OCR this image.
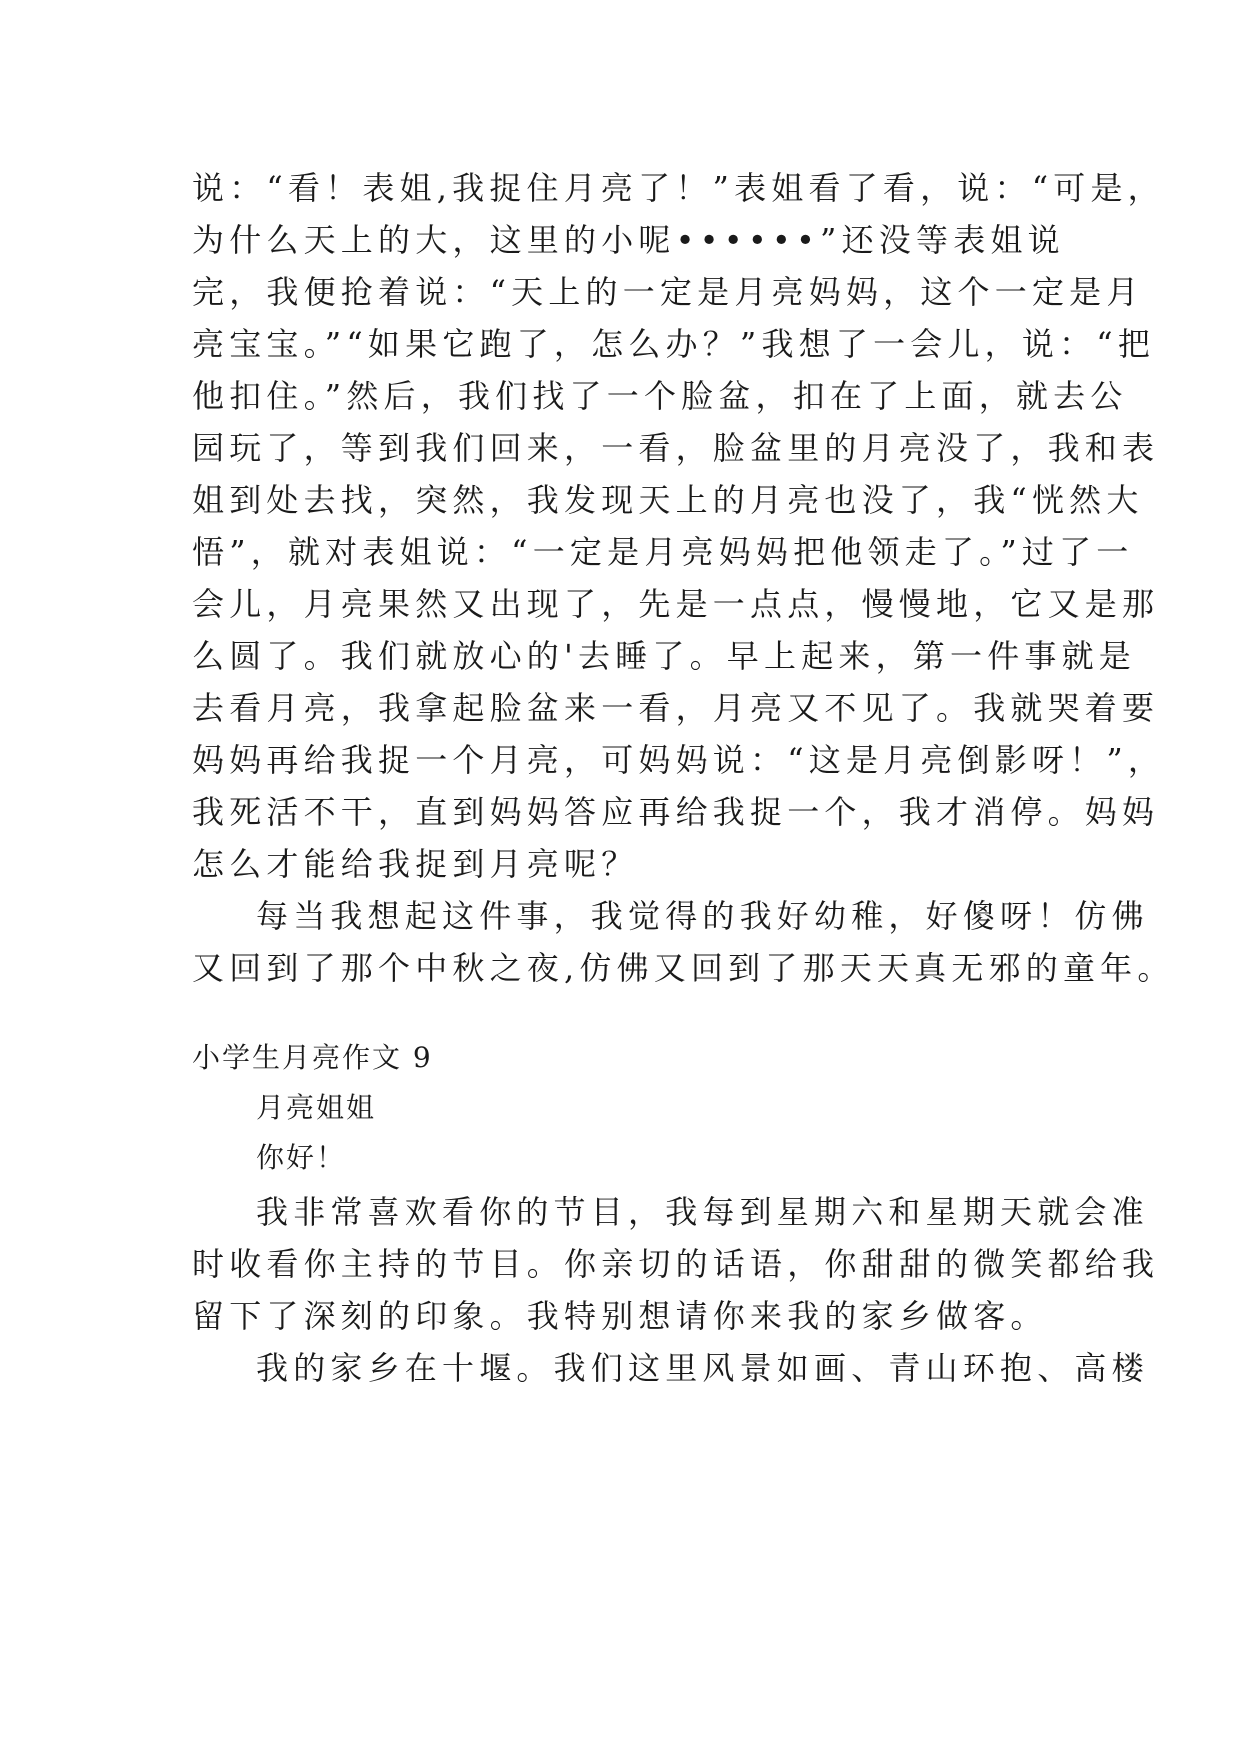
说：“看！表姐,我捉住月亮了！”表姐看了看，说：“可是，
为什么天上的大，这里的小呢••••••”还没等表姐说
完，我便抢着说：“天上的一定是月亮妈妈，这个一定是月
亮宝宝。”“如果它跑了，怎么办？”我想了一会儿，说：“把
他扣住。”然后，我们找了一个脸盆，扣在了上面，就去公
园玩了，等到我们回来，一看，脸盆里的月亮没了，我和表
姐到处去找，突然，我发现天上的月亮也没了，我“恍然大
悟”，就对表姐说：“一定是月亮妈妈把他领走了。”过了一
会儿，月亮果然又出现了，先是一点点，慢慢地，它又是那
么圆了。我们就放心的'去睡了。早上起来，第一件事就是
去看月亮，我拿起脸盆来一看，月亮又不见了。我就哭着要
妈妈再给我捉一个月亮，可妈妈说：“这是月亮倒影呀！”，
我死活不干，直到妈妈答应再给我捉一个，我才消停。妈妈
怎么才能给我捉到月亮呢？
每当我想起这件事，我觉得的我好幼稚，好傻呀！仿佛
又回到了那个中秋之夜,仿佛又回到了那天天真无邪的童年。
小学生月亮作文 9
月亮姐姐
你好！
我非常喜欢看你的节目，我每到星期六和星期天就会准
时收看你主持的节目。你亲切的话语，你甜甜的微笑都给我
留下了深刻的印象。我特别想请你来我的家乡做客。
我的家乡在十堰。我们这里风景如画、青山环抱、高楼
